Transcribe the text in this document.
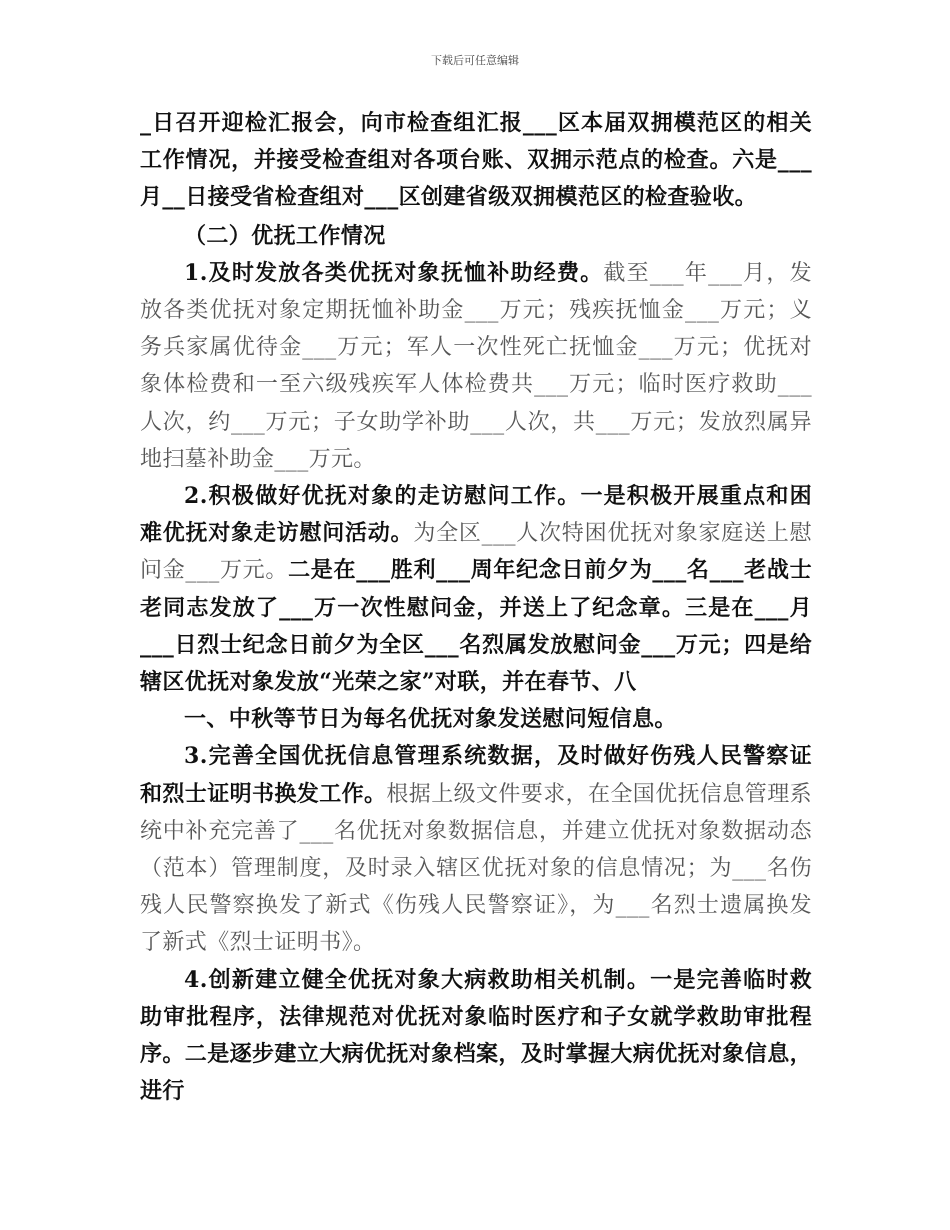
下载后可任意编辑

_日召开迎检汇报会，向市检查组汇报___区本届双拥模范区的相关工作情况，并接受检查组对各项台账、双拥示范点的检查。六是___月__日接受省检查组对___区创建省级双拥模范区的检查验收。

（二）优抚工作情况

1.及时发放各类优抚对象抚恤补助经费。截至___年___月，发放各类优抚对象定期抚恤补助金___万元；残疾抚恤金___万元；义务兵家属优待金___万元；军人一次性死亡抚恤金___万元；优抚对象体检费和一至六级残疾军人体检费共___万元；临时医疗救助___人次，约___万元；子女助学补助___人次，共___万元；发放烈属异地扫墓补助金___万元。

2.积极做好优抚对象的走访慰问工作。一是积极开展重点和困难优抚对象走访慰问活动。为全区___人次特困优抚对象家庭送上慰问金___万元。二是在___胜利___周年纪念日前夕为___名___老战士老同志发放了___万一次性慰问金，并送上了纪念章。三是在___月___日烈士纪念日前夕为全区___名烈属发放慰问金___万元；四是给辖区优抚对象发放“光荣之家”对联，并在春节、八

一、中秋等节日为每名优抚对象发送慰问短信息。

3.完善全国优抚信息管理系统数据，及时做好伤残人民警察证和烈士证明书换发工作。根据上级文件要求，在全国优抚信息管理系统中补充完善了___名优抚对象数据信息，并建立优抚对象数据动态（范本）管理制度，及时录入辖区优抚对象的信息情况；为___名伤残人民警察换发了新式《伤残人民警察证》，为___名烈士遗属换发了新式《烈士证明书》。

4.创新建立健全优抚对象大病救助相关机制。一是完善临时救助审批程序，法律规范对优抚对象临时医疗和子女就学救助审批程序。二是逐步建立大病优抚对象档案，及时掌握大病优抚对象信息，进行
